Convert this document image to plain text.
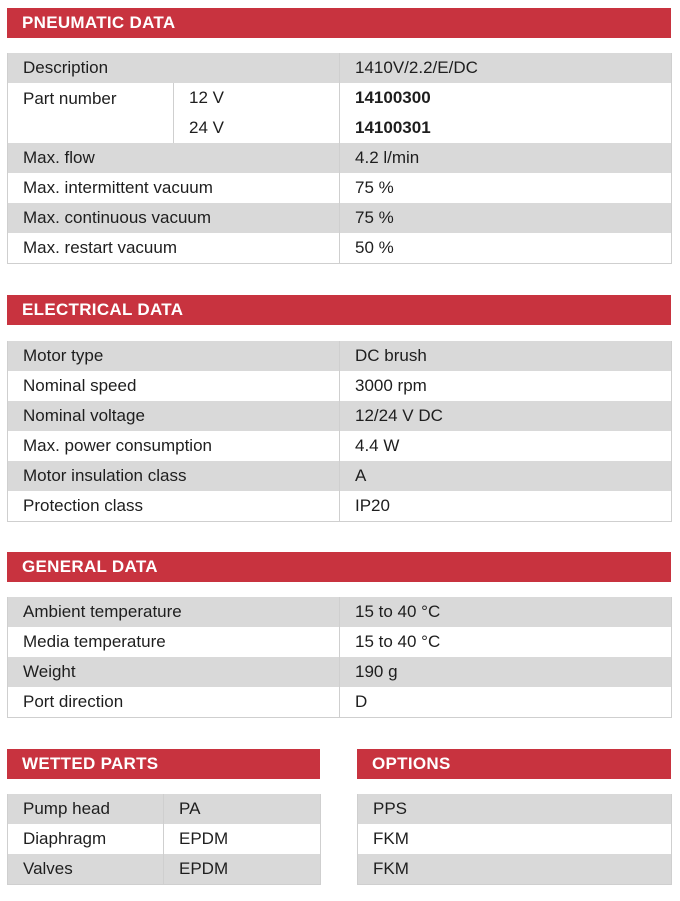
PNEUMATIC DATA
Description		1410V/2.2/E/DC
Part number	12 V	14100300
	24 V	14100301
Max. flow		4.2 l/min
Max. intermittent vacuum		75 %
Max. continuous vacuum		75 %
Max. restart vacuum		50 %
ELECTRICAL DATA
Motor type	DC brush
Nominal speed	3000 rpm
Nominal voltage	12/24 V DC
Max. power consumption	4.4 W
Motor insulation class	A
Protection class	IP20
GENERAL DATA
Ambient temperature	15 to 40 °C
Media temperature	15 to 40 °C
Weight	190 g
Port direction	D
WETTED PARTS
Pump head	PA
Diaphragm	EPDM
Valves	EPDM
OPTIONS
PPS
FKM
FKM
